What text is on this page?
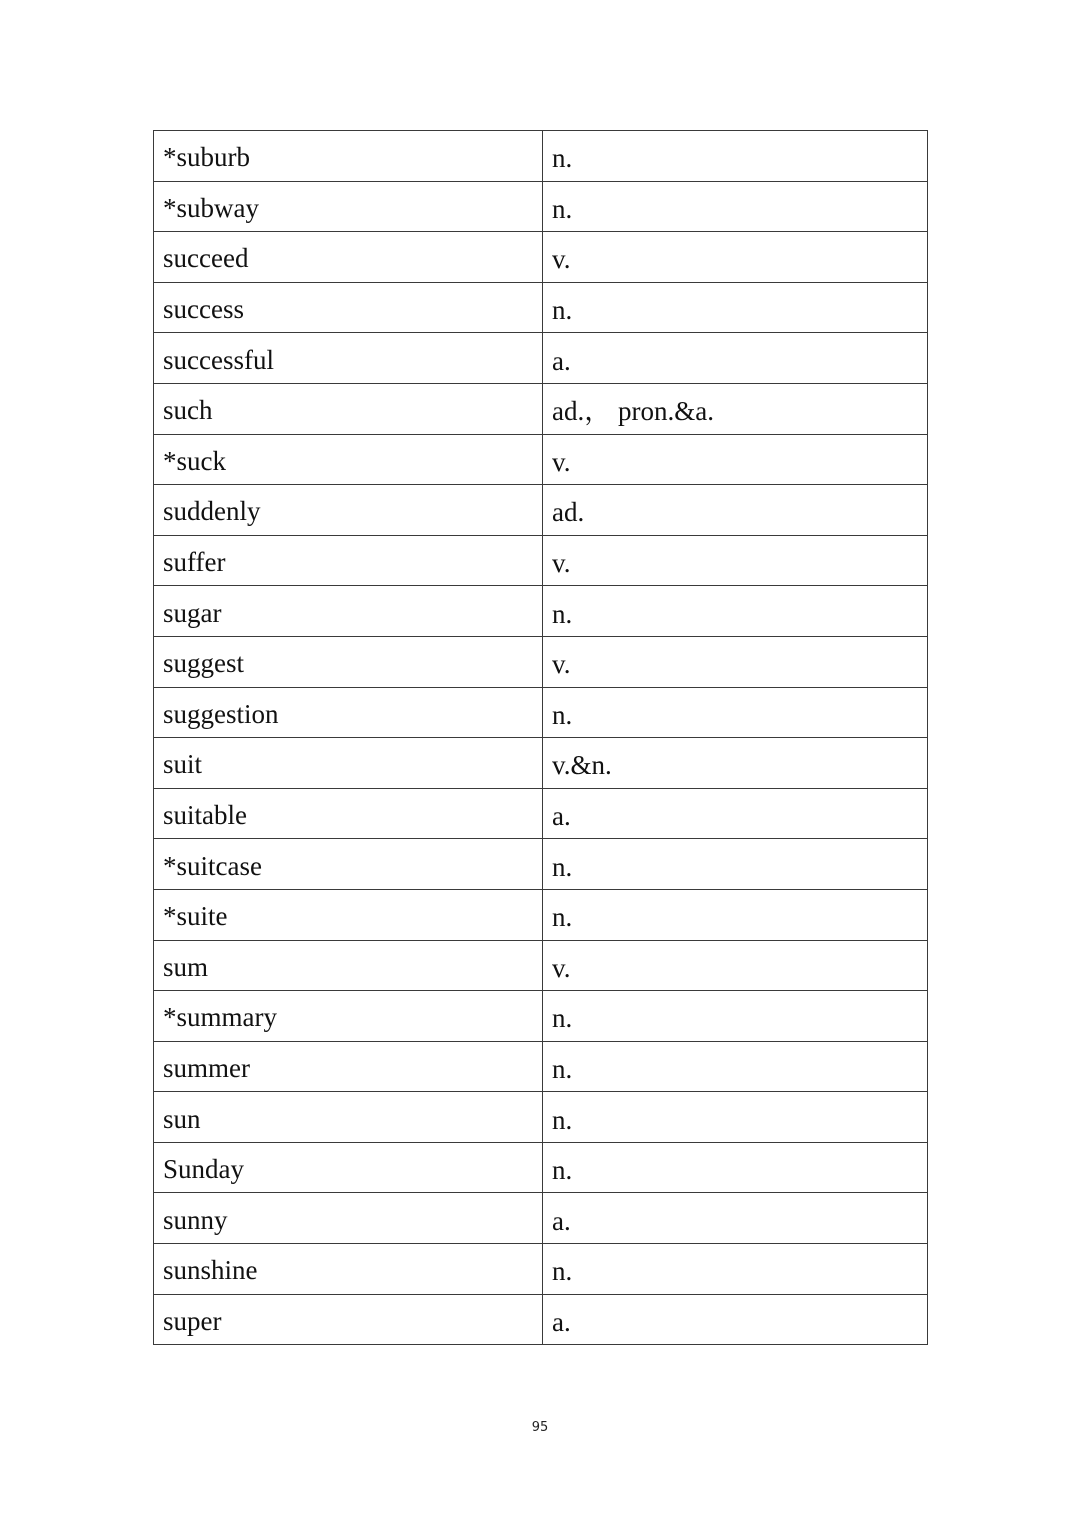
*suburb	n.
*subway	n.
succeed	v.
success	n.
successful	a.
such	ad.， pron.&a.
*suck	v.
suddenly	ad.
suffer	v.
sugar	n.
suggest	v.
suggestion	n.
suit	v.&n.
suitable	a.
*suitcase	n.
*suite	n.
sum	v.
*summary	n.
summer	n.
sun	n.
Sunday	n.
sunny	a.
sunshine	n.
super	a.
95
